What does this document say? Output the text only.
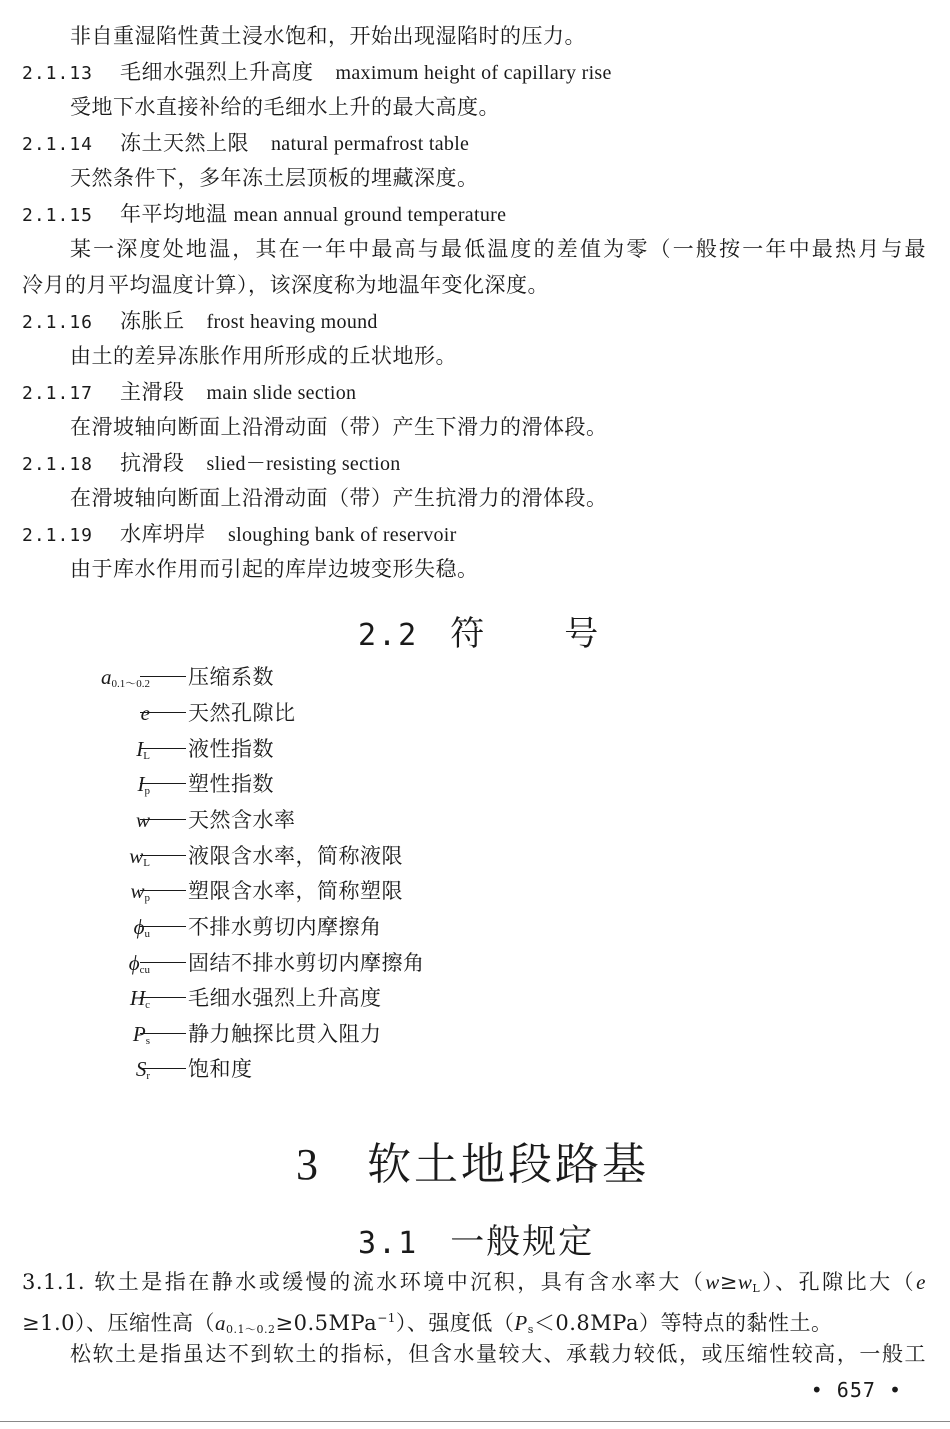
非自重湿陷性黄土浸水饱和，开始出现湿陷时的压力。
2.1.13 毛细水强烈上升高度 maximum height of capillary rise
受地下水直接补给的毛细水上升的最大高度。
2.1.14 冻土天然上限 natural permafrost table
天然条件下，多年冻土层顶板的埋藏深度。
2.1.15 年平均地温 mean annual ground temperature
某一深度处地温，其在一年中最高与最低温度的差值为零（一般按一年中最热月与最
冷月的月平均温度计算），该深度称为地温年变化深度。
2.1.16 冻胀丘 frost heaving mound
由土的差异冻胀作用所形成的丘状地形。
2.1.17 主滑段 main slide section
在滑坡轴向断面上沿滑动面（带）产生下滑力的滑体段。
2.1.18 抗滑段 slied－resisting section
在滑坡轴向断面上沿滑动面（带）产生抗滑力的滑体段。
2.1.19 水库坍岸 sloughing bank of reservoir
由于库水作用而引起的库岸边坡变形失稳。
2.2 符 号
$a_{0.1\sim 0.2}$ 压缩系数
e 天然孔隙比
$I_L$ 液性指数
$I_p$ 塑性指数
w 天然含水率
$w_L$ 液限含水率，简称液限
$w_p$ 塑限含水率，简称塑限
$\phi_u$ 不排水剪切内摩擦角
$\phi_{cu}$ 固结不排水剪切内摩擦角
$H_c$ 毛细水强烈上升高度
$P_s$ 静力触探比贯入阻力
$S_r$ 饱和度
3 软土地段路基
3.1 一般规定
3.1.1. 软土是指在静水或缓慢的流水环境中沉积，具有含水率大$(w\ge w_L)$、孔隙比大（e
≥1.0）、压缩性高$(a_{0.1\sim 0.2}\ge 0.5MPa^{-1})$、强度低$(P_s<0.8MPa)$等特点的黏性土。
松软土是指虽达不到软土的指标，但含水量较大、承载力较低，或压缩性较高，一般工
• 657 •
